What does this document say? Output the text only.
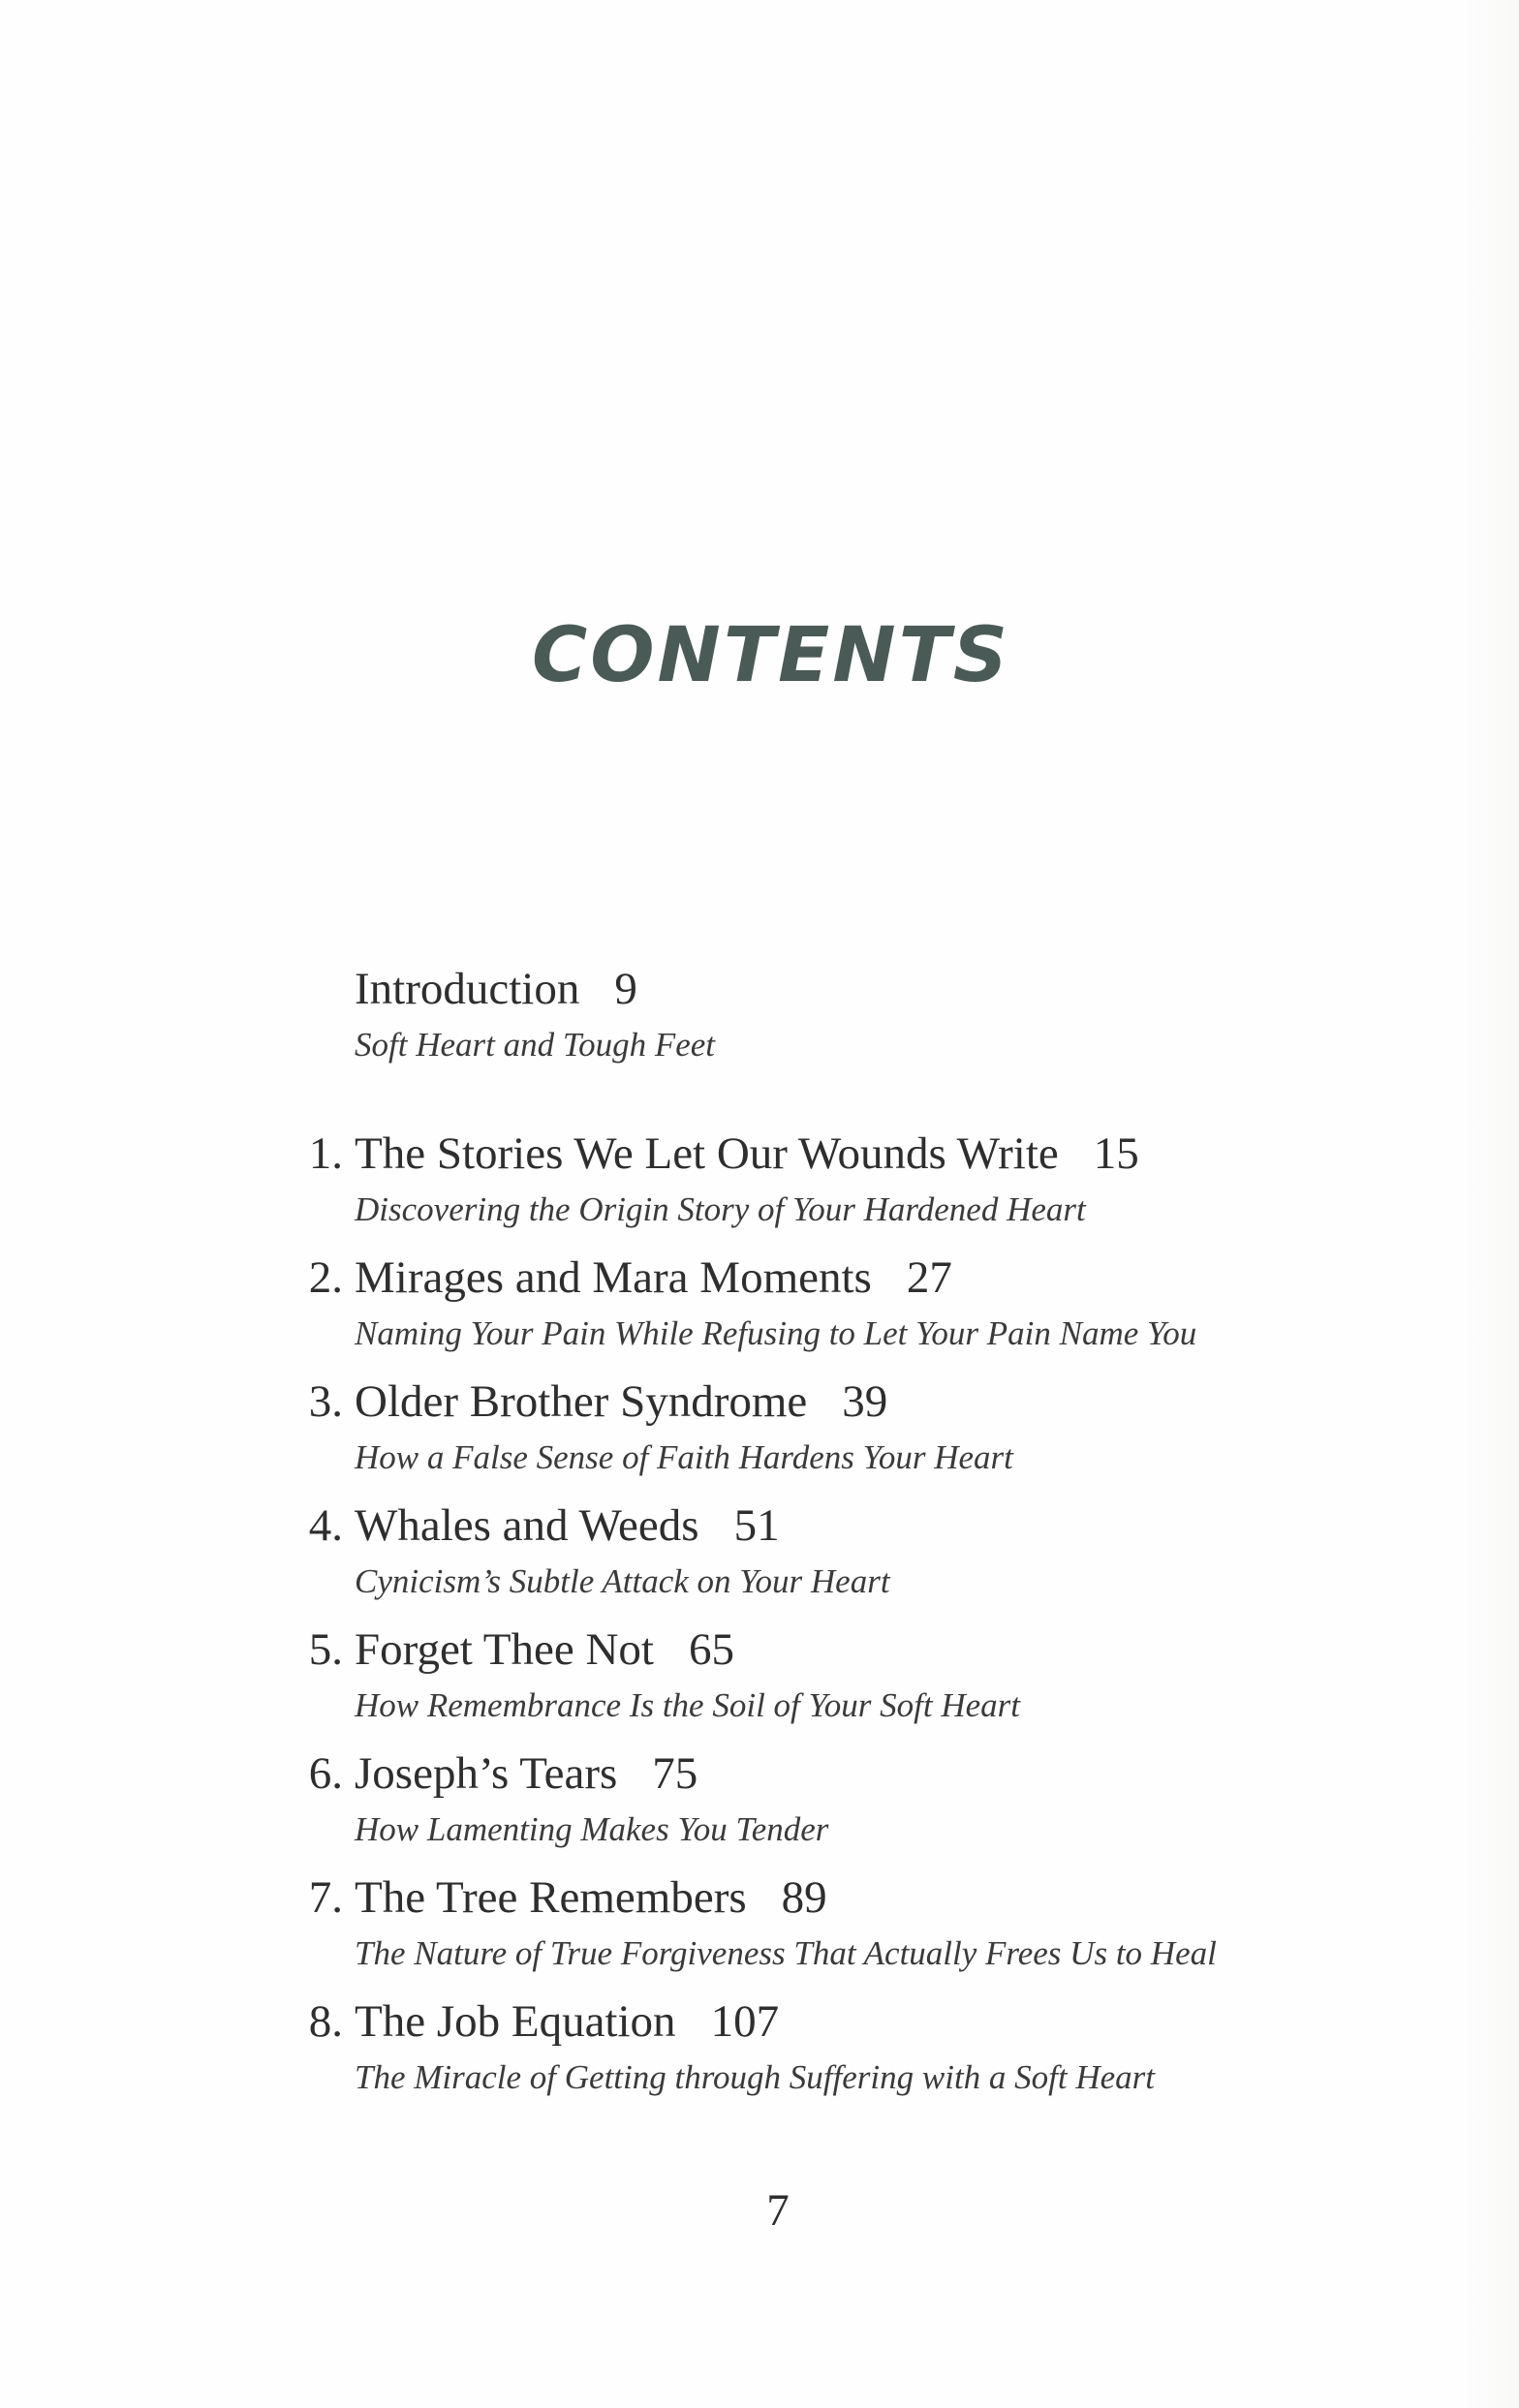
CONTENTS
Introduction 9
Soft Heart and Tough Feet
1. The Stories We Let Our Wounds Write 15
Discovering the Origin Story of Your Hardened Heart
2. Mirages and Mara Moments 27
Naming Your Pain While Refusing to Let Your Pain Name You
3. Older Brother Syndrome 39
How a False Sense of Faith Hardens Your Heart
4. Whales and Weeds 51
Cynicism’s Subtle Attack on Your Heart
5. Forget Thee Not 65
How Remembrance Is the Soil of Your Soft Heart
6. Joseph’s Tears 75
How Lamenting Makes You Tender
7. The Tree Remembers 89
The Nature of True Forgiveness That Actually Frees Us to Heal
8. The Job Equation 107
The Miracle of Getting through Suffering with a Soft Heart
7
